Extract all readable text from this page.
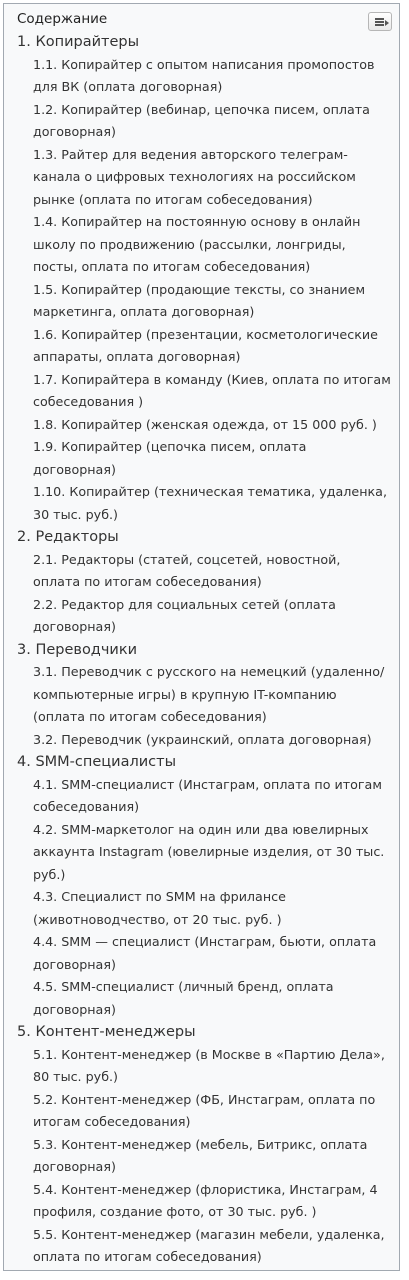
Содержание
1. Копирайтеры
1.1. Копирайтер с опытом написания промопостов для ВК (оплата договорная)
1.2. Копирайтер (вебинар, цепочка писем, оплата договорная)
1.3. Райтер для ведения авторского телеграм-канала о цифровых технологиях на российском рынке (оплата по итогам собеседования)
1.4. Копирайтер на постоянную основу в онлайн школу по продвижению (рассылки, лонгриды, посты, оплата по итогам собеседования)
1.5. Копирайтер (продающие тексты, со знанием маркетинга, оплата договорная)
1.6. Копирайтер (презентации, косметологические аппараты, оплата договорная)
1.7. Копирайтера в команду (Киев, оплата по итогам собеседования )
1.8. Копирайтер (женская одежда, от 15 000 руб. )
1.9. Копирайтер (цепочка писем, оплата договорная)
1.10. Копирайтер (техническая тематика, удаленка, 30 тыс. руб.)
2. Редакторы
2.1. Редакторы (статей, соцсетей, новостной, оплата по итогам собеседования)
2.2. Редактор для социальных сетей (оплата договорная)
3. Переводчики
3.1. Переводчик с русского на немецкий (удаленно/компьютерные игры) в крупную IT-компанию (оплата по итогам собеседования)
3.2. Переводчик (украинский, оплата договорная)
4. SMM-специалисты
4.1. SMM-специалист (Инстаграм, оплата по итогам собеседования)
4.2. SMM-маркетолог на один или два ювелирных аккаунта Instagram (ювелирные изделия, от 30 тыс. руб.)
4.3. Специалист по SMM на фрилансе (животноводчество, от 20 тыс. руб. )
4.4. SMM — специалист (Инстаграм, бьюти, оплата договорная)
4.5. SMM-специалист (личный бренд, оплата договорная)
5. Контент-менеджеры
5.1. Контент-менеджер (в Москве в «Партию Дела», 80 тыс. руб.)
5.2. Контент-менеджер (ФБ, Инстаграм, оплата по итогам собеседования)
5.3. Контент-менеджер (мебель, Битрикс, оплата договорная)
5.4. Контент-менеджер (флористика, Инстаграм, 4 профиля, создание фото, от 30 тыс. руб. )
5.5. Контент-менеджер (магазин мебели, удаленка, оплата по итогам собеседования)
